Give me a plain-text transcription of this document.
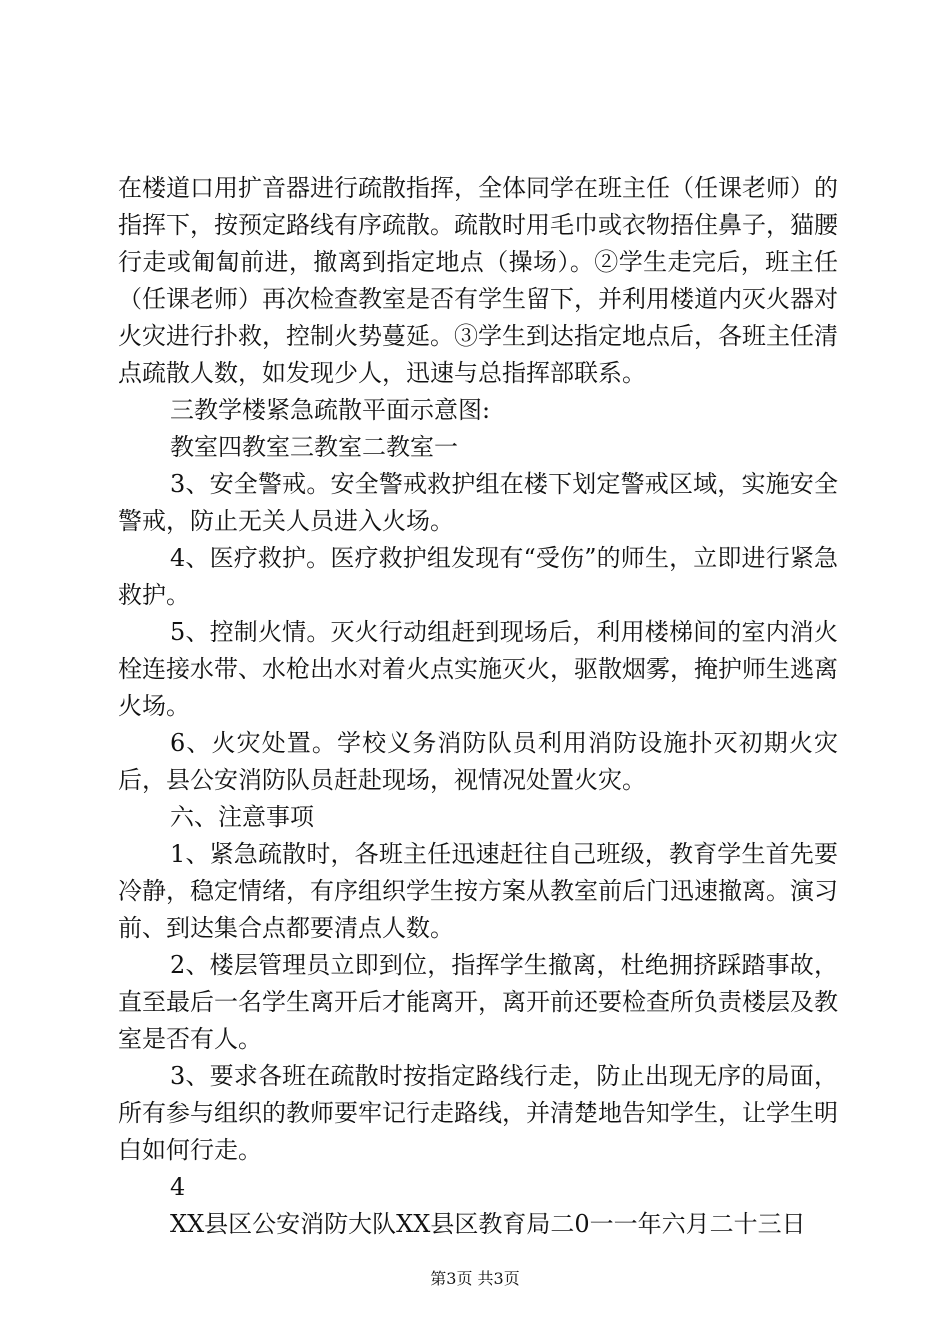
在楼道口用扩音器进行疏散指挥，全体同学在班主任（任课老师）的指挥下，按预定路线有序疏散。疏散时用毛巾或衣物捂住鼻子，猫腰行走或匍匐前进，撤离到指定地点（操场）。②学生走完后，班主任（任课老师）再次检查教室是否有学生留下，并利用楼道内灭火器对火灾进行扑救，控制火势蔓延。③学生到达指定地点后，各班主任清点疏散人数，如发现少人，迅速与总指挥部联系。

三教学楼紧急疏散平面示意图:

教室四教室三教室二教室一

3、安全警戒。安全警戒救护组在楼下划定警戒区域，实施安全警戒，防止无关人员进入火场。

4、医疗救护。医疗救护组发现有“受伤”的师生，立即进行紧急救护。

5、控制火情。灭火行动组赶到现场后，利用楼梯间的室内消火栓连接水带、水枪出水对着火点实施灭火，驱散烟雾，掩护师生逃离火场。

6、火灾处置。学校义务消防队员利用消防设施扑灭初期火灾后，县公安消防队员赶赴现场，视情况处置火灾。

六、注意事项

1、紧急疏散时，各班主任迅速赶往自己班级，教育学生首先要冷静，稳定情绪，有序组织学生按方案从教室前后门迅速撤离。演习前、到达集合点都要清点人数。

2、楼层管理员立即到位，指挥学生撤离，杜绝拥挤踩踏事故，直至最后一名学生离开后才能离开，离开前还要检查所负责楼层及教室是否有人。

3、要求各班在疏散时按指定路线行走，防止出现无序的局面，所有参与组织的教师要牢记行走路线，并清楚地告知学生，让学生明白如何行走。

4

XX县区公安消防大队XX县区教育局二0一一年六月二十三日

第3页 共3页
